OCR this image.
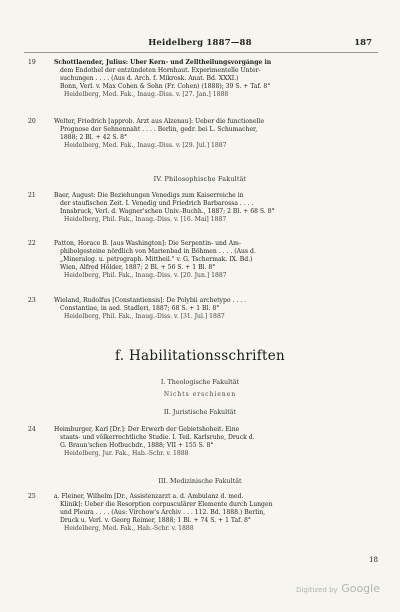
Heidelberg 1887—88	187
19	Schottlaender, Julius: Über Kern- und Zelltheilungsvorgänge in
dem Endothel der entzündeten Hornhaut. Experimentelle Unter-
suchungen . . . . (Aus d. Arch. f. Mikrosk. Anat. Bd. XXXI.)
Bonn, Verl. v. Max Cohen & Sohn (Fr. Cohen) (1888); 39 S. + Taf. 8°
Heidelberg, Med. Fak., Inaug.-Diss. v. [27. Jan.] 1888
20	Welter, Friedrich [approb. Arzt aus Alzenau]: Ueber die functionelle
Prognose der Sehnennaht . . . . Berlin, gedr. bei L. Schumacher,
1888; 2 Bl. + 42 S. 8°
Heidelberg, Med. Fak., Inaug.-Diss. v. [29. Jul.] 1887
IV. Philosophische Fakultät
21	Baer, August: Die Beziehungen Venedigs zum Kaiserreiche in
der staufischen Zeit. I. Venedig und Friedrich Barbarossa . . . .
Innsbruck, Verl. d. Wagner'schen Univ.-Buchh., 1887; 2 Bl. + 68 S. 8°
Heidelberg, Phil. Fak., Inaug.-Diss. v. [16. Mai] 1887
22	Patton, Horace B. [aus Washington]: Die Serpentin- und Am-
phibolgesteine nördlich von Marienbad in Böhmen . . . . (Aus d.
„Mineralog. u. petrograph. Mittheil." v. G. Tschermak. IX. Bd.)
Wien, Alfred Hölder, 1887; 2 Bl. + 56 S. + 1 Bl. 8°
Heidelberg, Phil. Fak., Inaug.-Diss. v. [20. Jun.] 1887
23	Wieland, Rudolfus [Constantiensis]: De Polybii archetypo . . . .
Constantiae, in aed. Stadleri, 1887; 68 S. + 1 Bl. 8°
Heidelberg, Phil. Fak., Inaug.-Diss. v. [31. Jul.] 1887
f. Habilitationsschriften
I. Theologische Fakultät
Nichts erschienen
II. Juristische Fakultät
24	Heimburger, Karl [Dr.]: Der Erwerb der Gebietshoheit. Eine
staats- und völkerrechtliche Studie. I. Teil. Karlsruhe, Druck d.
G. Braun'schen Hofbuchdr., 1888; VII + 155 S. 8°
Heidelberg, Jur. Fak., Hab.-Schr. v. 1888
III. Medizinische Fakultät
25	a. Fleiner, Wilhelm [Dr., Assistenzarzt a. d. Ambulanz d. med.
Klinik]: Ueber die Resorption corpusculärer Elemente durch Lungen
und Pleura . . . . (Aus: Virchow's Archiv . . . 112. Bd. 1888.) Berlin,
Druck u. Verl. v. Georg Reimer, 1888; 1 Bl. + 74 S. + 1 Taf. 8°
Heidelberg, Med. Fak., Hab.-Schr. v. 1888
18
Digitized by Google
